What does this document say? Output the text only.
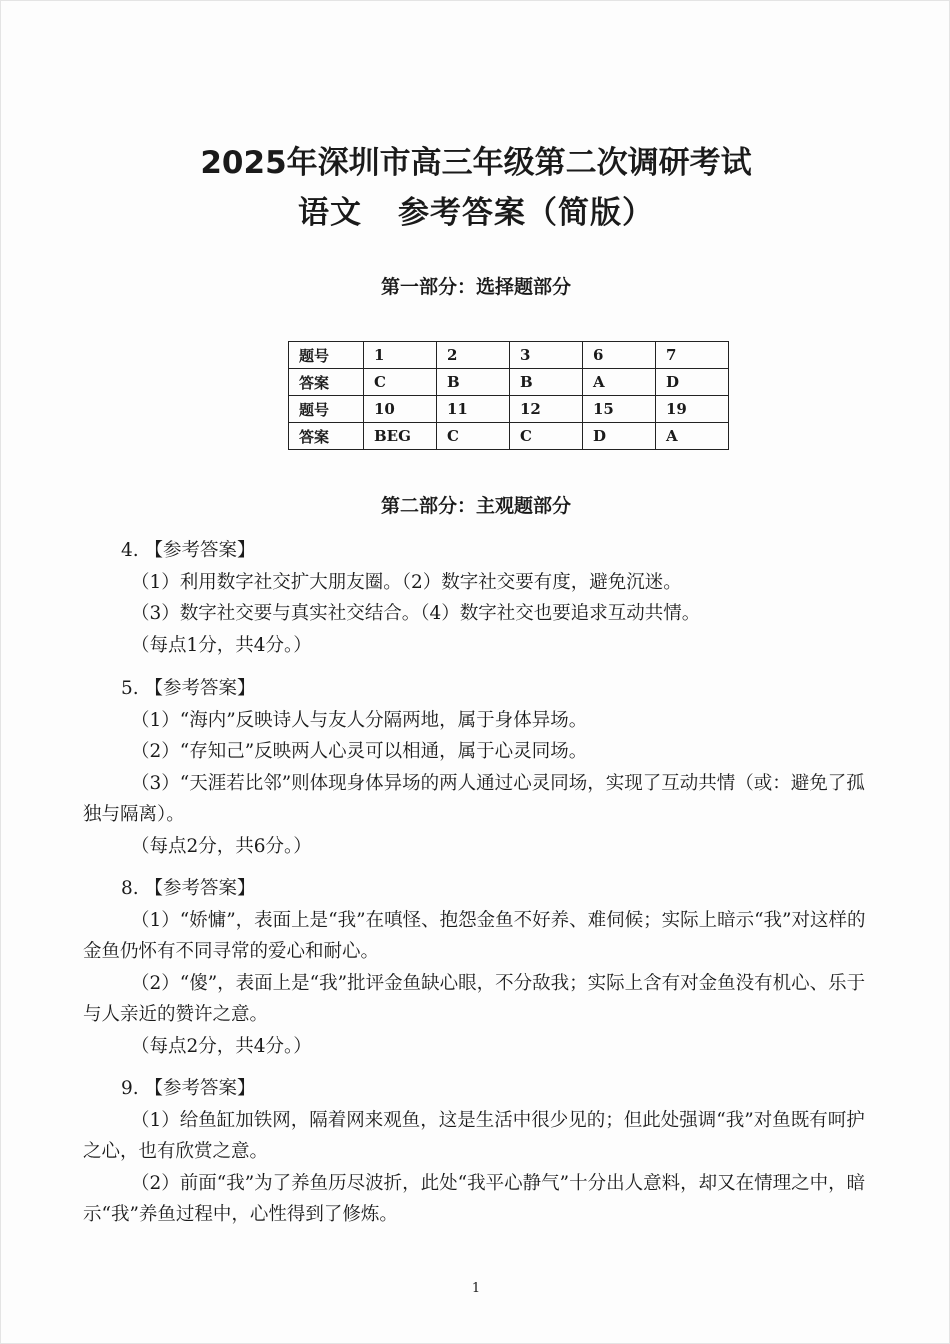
2025年深圳市高三年级第二次调研考试
语文 参考答案（简版）
第一部分：选择题部分
题号	1	2	3	6	7
答案	C	B	B	A	D
题号	10	11	12	15	19
答案	BEG	C	C	D	A
第二部分：主观题部分
4. 【参考答案】

（1）利用数字社交扩大朋友圈。（2）数字社交要有度，避免沉迷。

（3）数字社交要与真实社交结合。（4）数字社交也要追求互动共情。

（每点1分，共4分。）

5. 【参考答案】

（1）“海内”反映诗人与友人分隔两地，属于身体异场。

（2）“存知己”反映两人心灵可以相通，属于心灵同场。

（3）“天涯若比邻”则体现身体异场的两人通过心灵同场，实现了互动共情（或：避免了孤独与隔离）。

（每点2分，共6分。）

8. 【参考答案】

（1）“娇慵”，表面上是“我”在嗔怪、抱怨金鱼不好养、难伺候；实际上暗示“我”对这样的金鱼仍怀有不同寻常的爱心和耐心。

（2）“傻”，表面上是“我”批评金鱼缺心眼，不分敌我；实际上含有对金鱼没有机心、乐于与人亲近的赞许之意。

（每点2分，共4分。）

9. 【参考答案】

（1）给鱼缸加铁网，隔着网来观鱼，这是生活中很少见的；但此处强调“我”对鱼既有呵护之心，也有欣赏之意。

（2）前面“我”为了养鱼历尽波折，此处“我平心静气”十分出人意料，却又在情理之中，暗示“我”养鱼过程中，心性得到了修炼。

1
